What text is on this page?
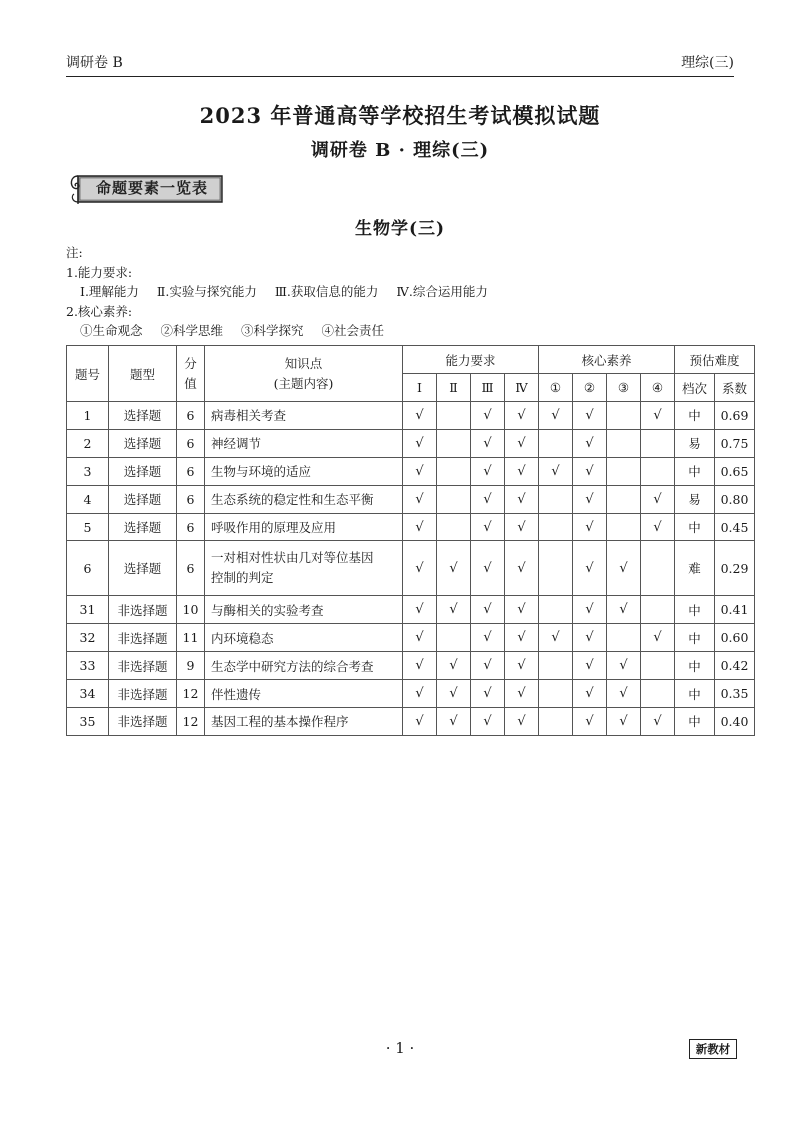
调研卷 B	理综(三)
2023 年普通高等学校招生考试模拟试题
调研卷 B · 理综(三)
命题要素一览表
生物学(三)
注:
1.能力要求:
Ⅰ.理解能力 Ⅱ.实验与探究能力 Ⅲ.获取信息的能力 Ⅳ.综合运用能力
2.核心素养:
①生命观念 ②科学思维 ③科学探究 ④社会责任
题号	题型	分
值	知识点
(主题内容)	能力要求				核心素养				预估难度	
				Ⅰ	Ⅱ	Ⅲ	Ⅳ	①	②	③	④	档次	系数
1	选择题	6	病毒相关考查	√		√	√	√	√		√	中	0.69
2	选择题	6	神经调节	√		√	√		√			易	0.75
3	选择题	6	生物与环境的适应	√		√	√	√	√			中	0.65
4	选择题	6	生态系统的稳定性和生态平衡	√		√	√		√		√	易	0.80
5	选择题	6	呼吸作用的原理及应用	√		√	√		√		√	中	0.45
6	选择题	6	一对相对性状由几对等位基因
控制的判定	√	√	√	√		√	√		难	0.29
31	非选择题	10	与酶相关的实验考查	√	√	√	√		√	√		中	0.41
32	非选择题	11	内环境稳态	√		√	√	√	√		√	中	0.60
33	非选择题	9	生态学中研究方法的综合考查	√	√	√	√		√	√		中	0.42
34	非选择题	12	伴性遗传	√	√	√	√		√	√		中	0.35
35	非选择题	12	基因工程的基本操作程序	√	√	√	√		√	√	√	中	0.40
· 1 ·	新教材
